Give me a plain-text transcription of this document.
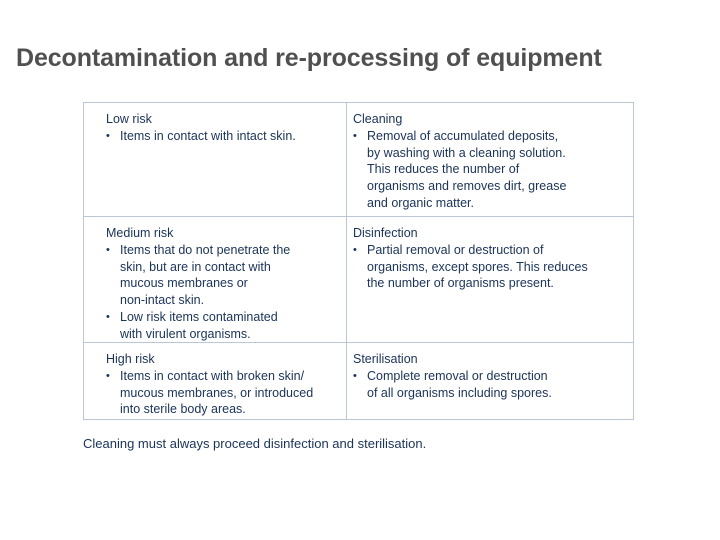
Decontamination and re-processing of equipment
Low risk
• Items in contact with intact skin.
Cleaning
• Removal of accumulated deposits,
by washing with a cleaning solution.
This reduces the number of
organisms and removes dirt, grease
and organic matter.
Medium risk
• Items that do not penetrate the
skin, but are in contact with
mucous membranes or
non-intact skin.
• Low risk items contaminated
with virulent organisms.
Disinfection
• Partial removal or destruction of
organisms, except spores. This reduces
the number of organisms present.
High risk
• Items in contact with broken skin/
mucous membranes, or introduced
into sterile body areas.
Sterilisation
• Complete removal or destruction
of all organisms including spores.
Cleaning must always proceed disinfection and sterilisation.
